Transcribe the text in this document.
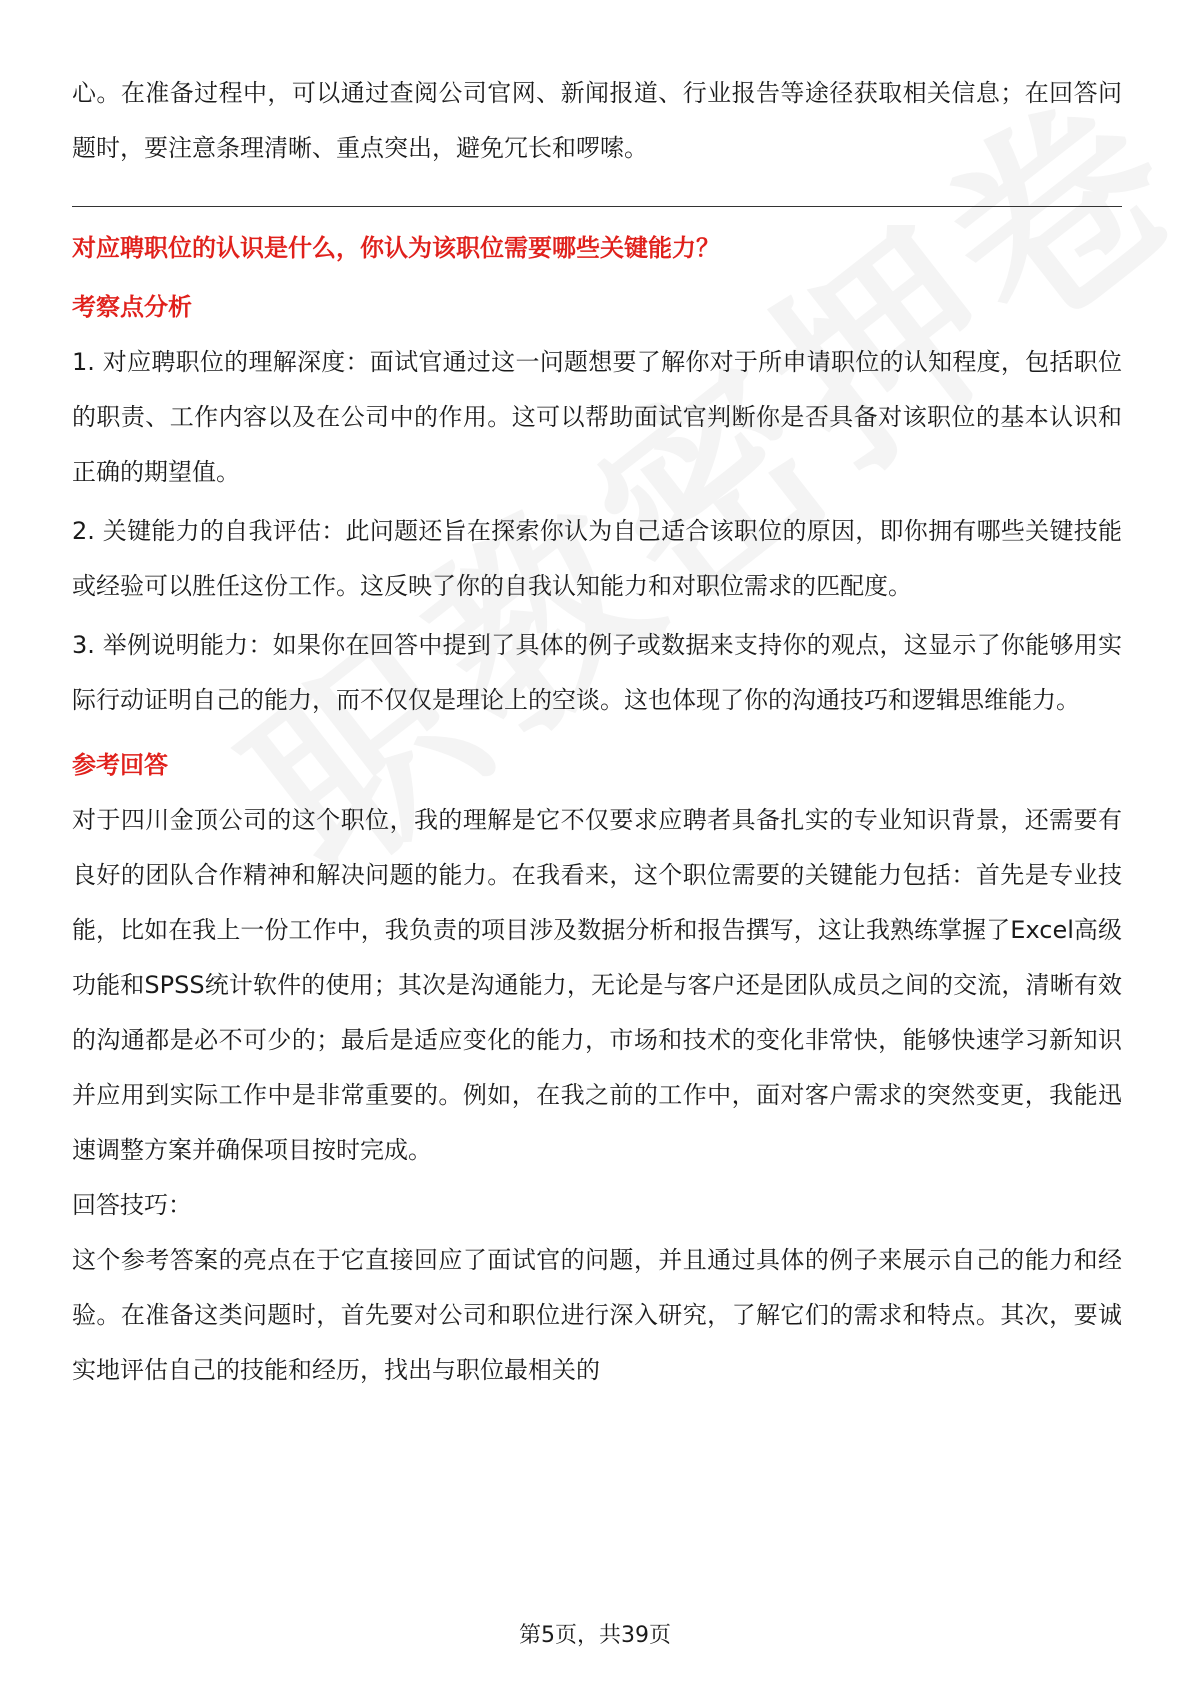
心。在准备过程中，可以通过查阅公司官网、新闻报道、行业报告等途径获取相关信息；在回答问题时，要注意条理清晰、重点突出，避免冗长和啰嗦。

对应聘职位的认识是什么，你认为该职位需要哪些关键能力？

考察点分析

1. 对应聘职位的理解深度：面试官通过这一问题想要了解你对于所申请职位的认知程度，包括职位的职责、工作内容以及在公司中的作用。这可以帮助面试官判断你是否具备对该职位的基本认识和正确的期望值。

2. 关键能力的自我评估：此问题还旨在探索你认为自己适合该职位的原因，即你拥有哪些关键技能或经验可以胜任这份工作。这反映了你的自我认知能力和对职位需求的匹配度。

3. 举例说明能力：如果你在回答中提到了具体的例子或数据来支持你的观点，这显示了你能够用实际行动证明自己的能力，而不仅仅是理论上的空谈。这也体现了你的沟通技巧和逻辑思维能力。

参考回答

对于四川金顶公司的这个职位，我的理解是它不仅要求应聘者具备扎实的专业知识背景，还需要有良好的团队合作精神和解决问题的能力。在我看来，这个职位需要的关键能力包括：首先是专业技能，比如在我上一份工作中，我负责的项目涉及数据分析和报告撰写，这让我熟练掌握了Excel高级功能和SPSS统计软件的使用；其次是沟通能力，无论是与客户还是团队成员之间的交流，清晰有效的沟通都是必不可少的；最后是适应变化的能力，市场和技术的变化非常快，能够快速学习新知识并应用到实际工作中是非常重要的。例如，在我之前的工作中，面对客户需求的突然变更，我能迅速调整方案并确保项目按时完成。

回答技巧：

这个参考答案的亮点在于它直接回应了面试官的问题，并且通过具体的例子来展示自己的能力和经验。在准备这类问题时，首先要对公司和职位进行深入研究，了解它们的需求和特点。其次，要诚实地评估自己的技能和经历，找出与职位最相关的

第5页，共39页
